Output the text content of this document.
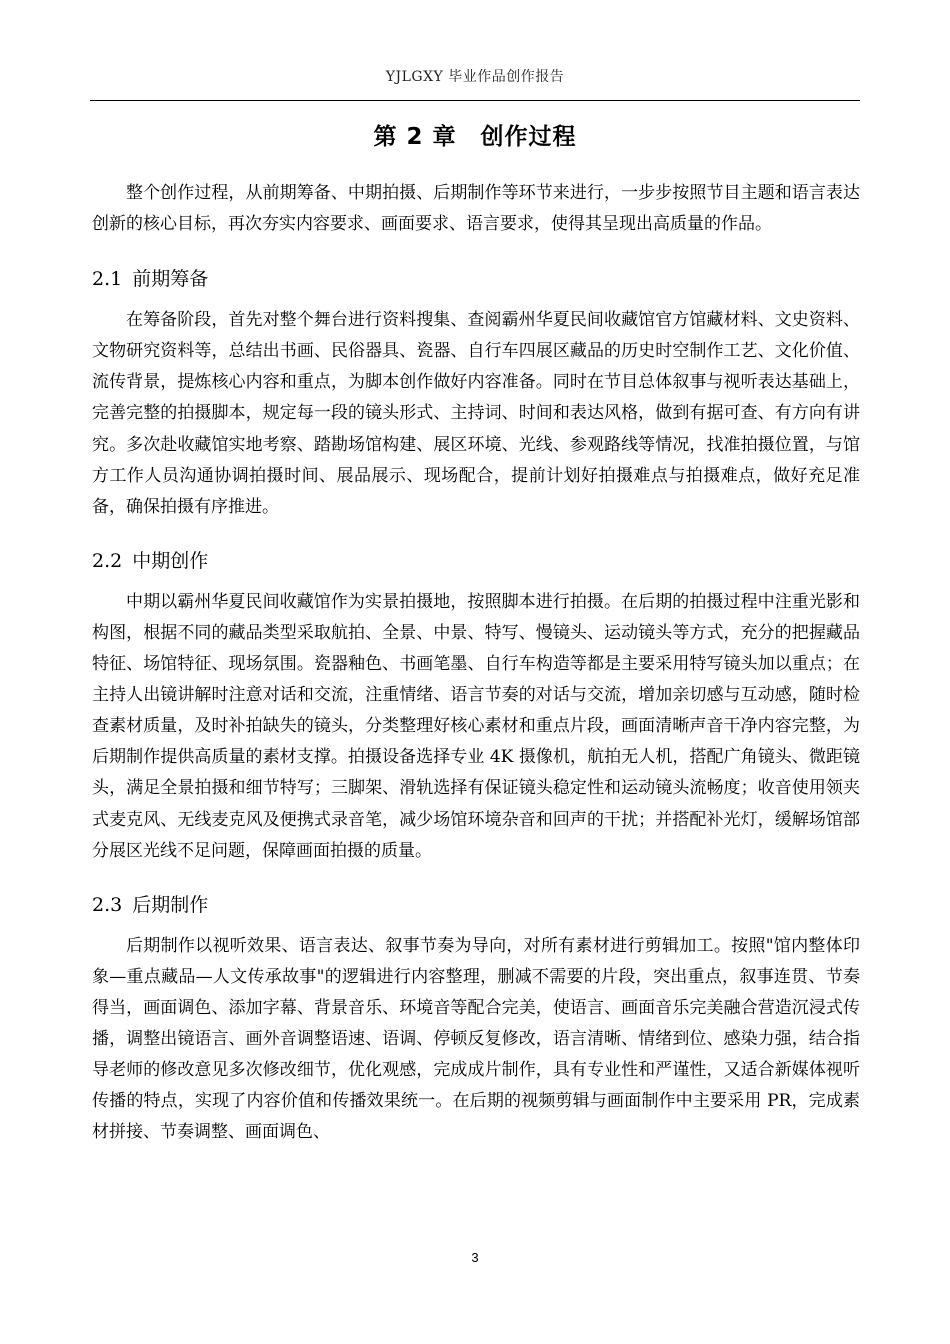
YJLGXY 毕业作品创作报告
第 2 章　创作过程

整个创作过程，从前期筹备、中期拍摄、后期制作等环节来进行，一步步按照节目主题和语言表达创新的核心目标，再次夯实内容要求、画面要求、语言要求，使得其呈现出高质量的作品。

2.1 前期筹备

在筹备阶段，首先对整个舞台进行资料搜集、查阅霸州华夏民间收藏馆官方馆藏材料、文史资料、文物研究资料等，总结出书画、民俗器具、瓷器、自行车四展区藏品的历史时空制作工艺、文化价值、流传背景，提炼核心内容和重点，为脚本创作做好内容准备。同时在节目总体叙事与视听表达基础上，完善完整的拍摄脚本，规定每一段的镜头形式、主持词、时间和表达风格，做到有据可查、有方向有讲究。多次赴收藏馆实地考察、踏勘场馆构建、展区环境、光线、参观路线等情况，找准拍摄位置，与馆方工作人员沟通协调拍摄时间、展品展示、现场配合，提前计划好拍摄难点与拍摄难点，做好充足准备，确保拍摄有序推进。

2.2 中期创作

中期以霸州华夏民间收藏馆作为实景拍摄地，按照脚本进行拍摄。在后期的拍摄过程中注重光影和构图，根据不同的藏品类型采取航拍、全景、中景、特写、慢镜头、运动镜头等方式，充分的把握藏品特征、场馆特征、现场氛围。瓷器釉色、书画笔墨、自行车构造等都是主要采用特写镜头加以重点；在主持人出镜讲解时注意对话和交流，注重情绪、语言节奏的对话与交流，增加亲切感与互动感，随时检查素材质量，及时补拍缺失的镜头，分类整理好核心素材和重点片段，画面清晰声音干净内容完整，为后期制作提供高质量的素材支撑。拍摄设备选择专业 4K 摄像机，航拍无人机，搭配广角镜头、微距镜头，满足全景拍摄和细节特写；三脚架、滑轨选择有保证镜头稳定性和运动镜头流畅度；收音使用领夹式麦克风、无线麦克风及便携式录音笔，减少场馆环境杂音和回声的干扰；并搭配补光灯，缓解场馆部分展区光线不足问题，保障画面拍摄的质量。

2.3 后期制作

后期制作以视听效果、语言表达、叙事节奏为导向，对所有素材进行剪辑加工。按照"馆内整体印象—重点藏品—人文传承故事"的逻辑进行内容整理，删减不需要的片段，突出重点，叙事连贯、节奏得当，画面调色、添加字幕、背景音乐、环境音等配合完美，使语言、画面音乐完美融合营造沉浸式传播，调整出镜语言、画外音调整语速、语调、停顿反复修改，语言清晰、情绪到位、感染力强，结合指导老师的修改意见多次修改细节，优化观感，完成成片制作，具有专业性和严谨性，又适合新媒体视听传播的特点，实现了内容价值和传播效果统一。在后期的视频剪辑与画面制作中主要采用 PR，完成素材拼接、节奏调整、画面调色、

3
